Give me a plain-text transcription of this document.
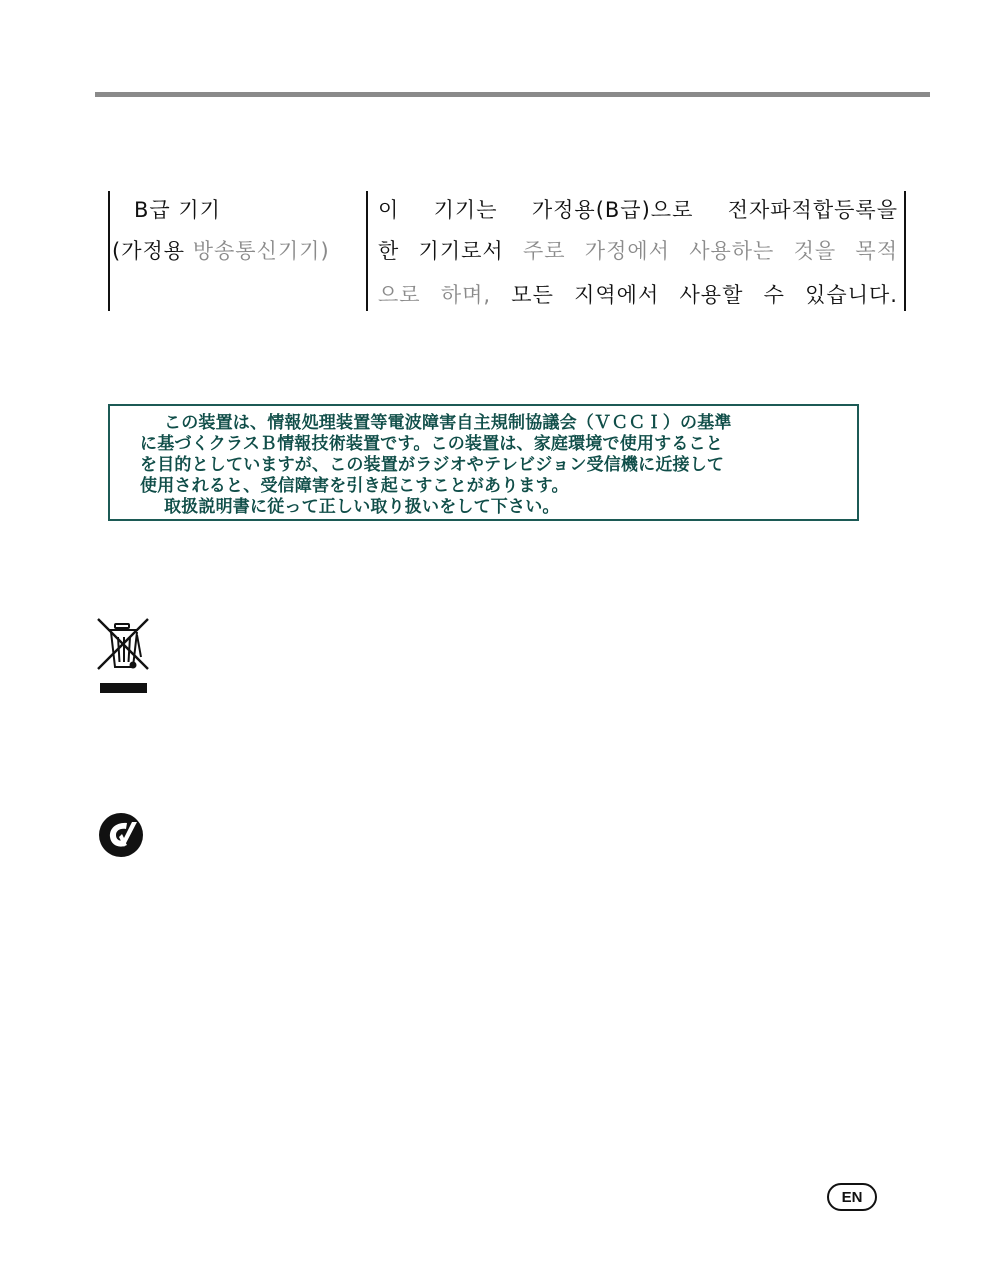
B급 기기
(가정용 방송통신기기)
이 기기는 가정용(B급)으로 전자파적합등록을
한 기기로서 주로 가정에서 사용하는 것을 목적
으로 하며, 모든 지역에서 사용할 수 있습니다.
この装置は、情報処理装置等電波障害自主規制協議会（ＶＣＣＩ）の基準
に基づくクラスＢ情報技術装置です。この装置は、家庭環境で使用すること
を目的としていますが、この装置がラジオやテレビジョン受信機に近接して
使用されると、受信障害を引き起こすことがあります。
取扱説明書に従って正しい取り扱いをして下さい。
EN
